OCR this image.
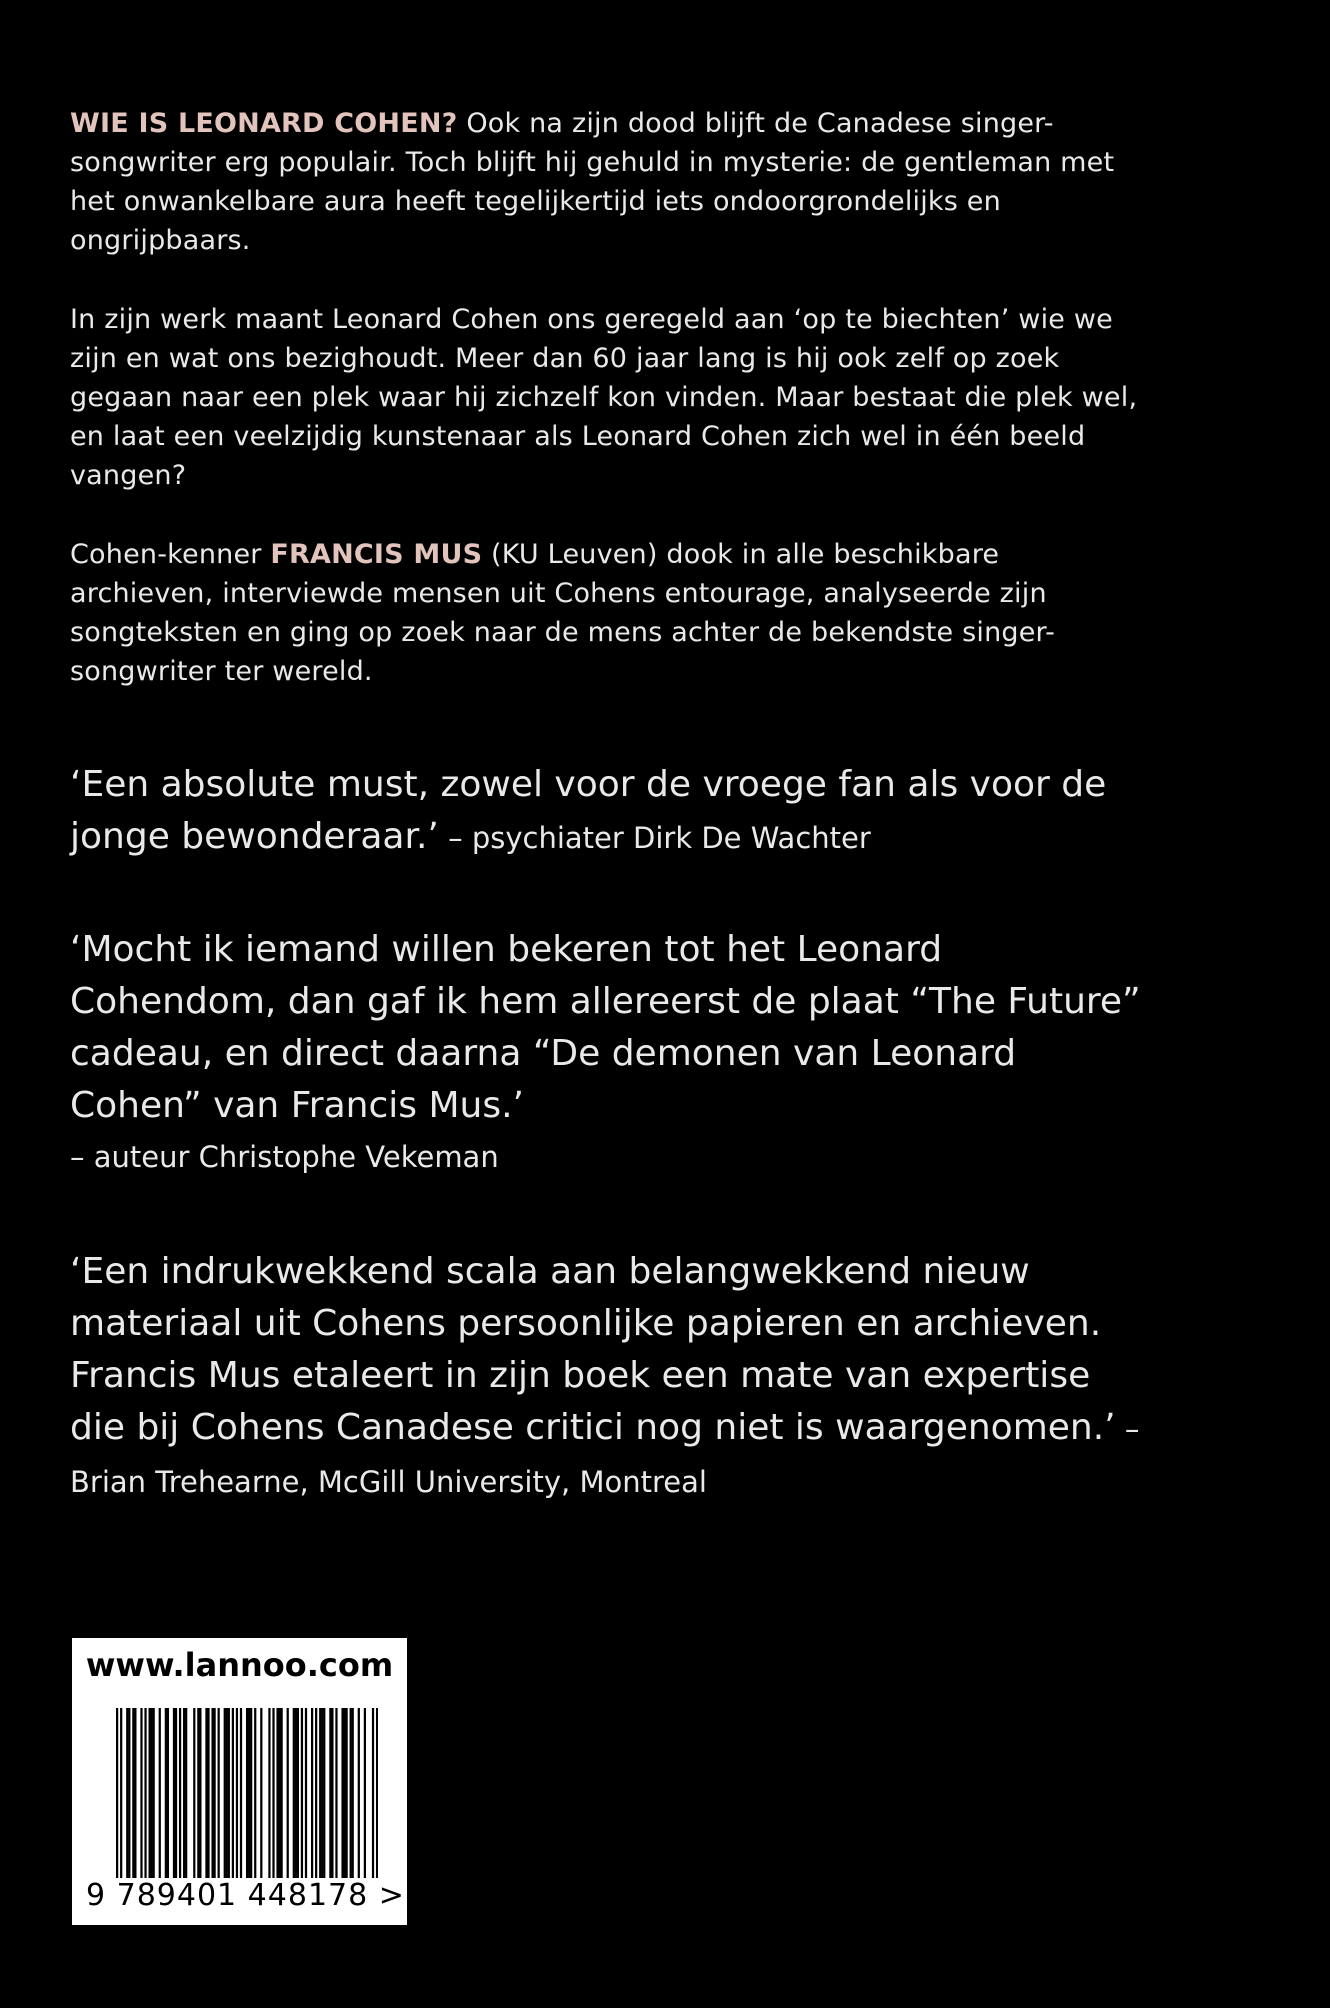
WIE IS LEONARD COHEN? Ook na zijn dood blijft de Canadese singer-songwriter erg populair. Toch blijft hij gehuld in mysterie: de gentleman met het onwankelbare aura heeft tegelijkertijd iets ondoorgrondelijks en ongrijpbaars.

In zijn werk maant Leonard Cohen ons geregeld aan ‘op te biechten’ wie we zijn en wat ons bezighoudt. Meer dan 60 jaar lang is hij ook zelf op zoek gegaan naar een plek waar hij zichzelf kon vinden. Maar bestaat die plek wel, en laat een veelzijdig kunstenaar als Leonard Cohen zich wel in één beeld vangen?

Cohen-kenner FRANCIS MUS (KU Leuven) dook in alle beschikbare archieven, interviewde mensen uit Cohens entourage, analyseerde zijn songteksten en ging op zoek naar de mens achter de bekendste singer-songwriter ter wereld.

‘Een absolute must, zowel voor de vroege fan als voor de jonge bewonderaar.’ – psychiater Dirk De Wachter

‘Mocht ik iemand willen bekeren tot het Leonard Cohendom, dan gaf ik hem allereerst de plaat “The Future” cadeau, en direct daarna “De demonen van Leonard Cohen” van Francis Mus.’
– auteur Christophe Vekeman

‘Een indrukwekkend scala aan belangwekkend nieuw materiaal uit Cohens persoonlijke papieren en archieven. Francis Mus etaleert in zijn boek een mate van expertise die bij Cohens Canadese critici nog niet is waargenomen.’ – Brian Trehearne, McGill University, Montreal

www.lannoo.com
9 789401 448178 >
